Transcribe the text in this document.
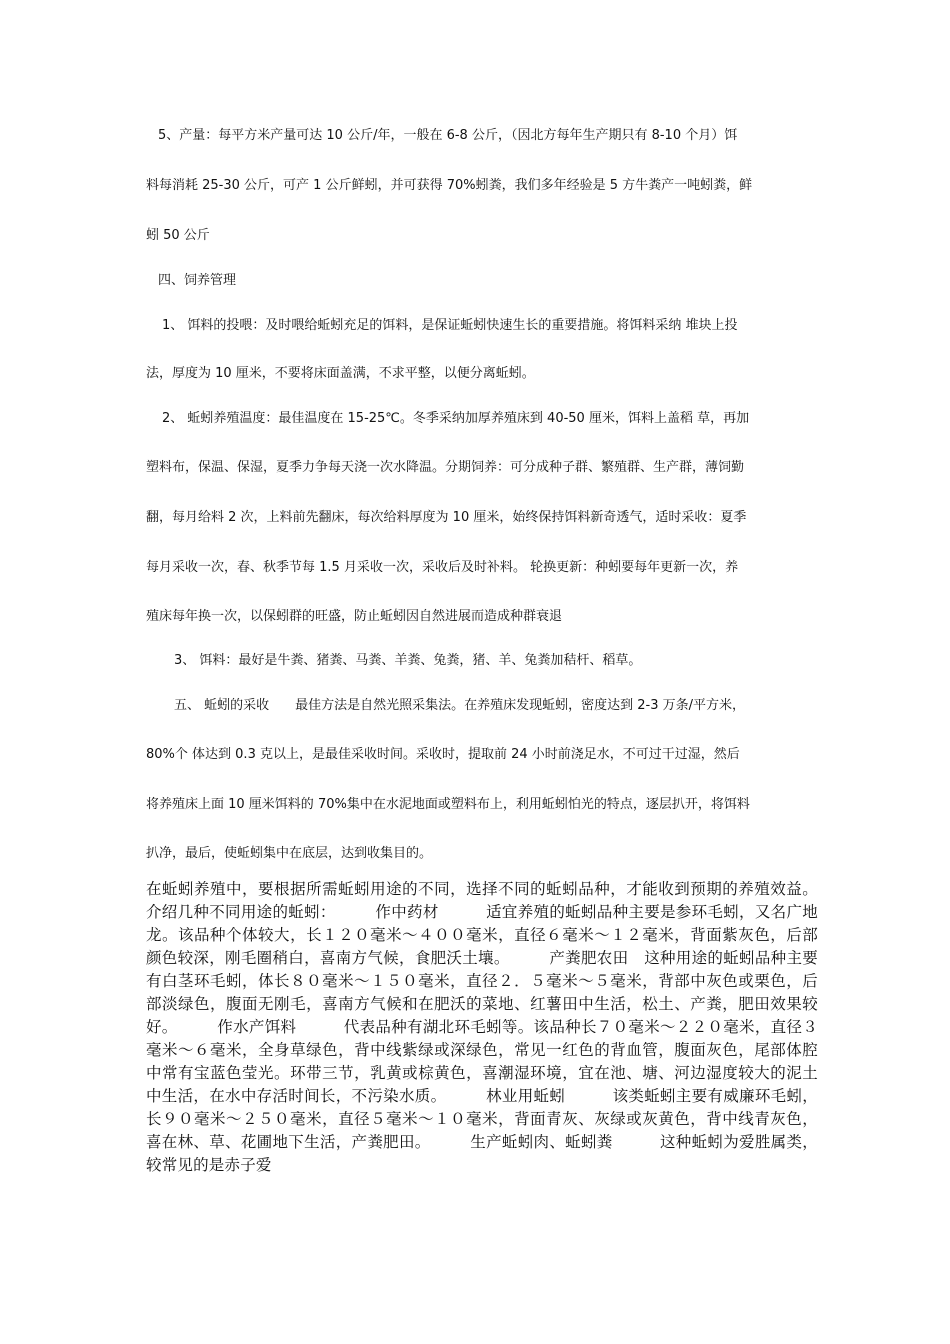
5、产量：每平方米产量可达 10 公斤/年，一般在 6-8 公斤，（因北方每年生产期只有 8-10 个月）饵
料每消耗 25-30 公斤，可产 1 公斤鲜蚓，并可获得 70%蚓粪，我们多年经验是 5 方牛粪产一吨蚓粪，鲜
蚓 50 公斤
四、饲养管理
1、 饵料的投喂：及时喂给蚯蚓充足的饵料，是保证蚯蚓快速生长的重要措施。将饵料采纳 堆块上投
法，厚度为 10 厘米，不要将床面盖满，不求平整，以便分离蚯蚓。
2、 蚯蚓养殖温度：最佳温度在 15-25℃。冬季采纳加厚养殖床到 40-50 厘米，饵料上盖稻 草，再加
塑料布，保温、保湿，夏季力争每天浇一次水降温。分期饲养：可分成种子群、繁殖群、生产群，薄饲勤
翻，每月给料 2 次，上料前先翻床，每次给料厚度为 10 厘米，始终保持饵料新奇透气，适时采收：夏季
每月采收一次，春、秋季节每 1.5 月采收一次，采收后及时补料。 轮换更新：种蚓要每年更新一次，养
殖床每年换一次，以保蚓群的旺盛，防止蚯蚓因自然进展而造成种群衰退
3、 饵料：最好是牛粪、猪粪、马粪、羊粪、兔粪，猪、羊、兔粪加秸杆、稻草。
五、 蚯蚓的采收　　最佳方法是自然光照采集法。在养殖床发现蚯蚓，密度达到 2-3 万条/平方米，
80%个 体达到 0.3 克以上，是最佳采收时间。采收时，提取前 24 小时前浇足水，不可过干过湿，然后
将养殖床上面 10 厘米饵料的 70%集中在水泥地面或塑料布上，利用蚯蚓怕光的特点，逐层扒开，将饵料
扒净，最后，使蚯蚓集中在底层，达到收集目的。
在蚯蚓养殖中，要根据所需蚯蚓用途的不同，选择不同的蚯蚓品种，才能收到预期的养殖效益。介绍几种不同用途的蚯蚓：　　　作中药材　　　适宜养殖的蚯蚓品种主要是参环毛蚓，又名广地龙。该品种个体较大，长１２０毫米～４００毫米，直径６毫米～１２毫米，背面紫灰色，后部颜色较深，刚毛圈稍白，喜南方气候，食肥沃土壤。　　　产粪肥农田　这种用途的蚯蚓品种主要有白茎环毛蚓，体长８０毫米～１５０毫米，直径２．５毫米～５毫米，背部中灰色或栗色，后部淡绿色，腹面无刚毛，喜南方气候和在肥沃的菜地、红薯田中生活，松土、产粪，肥田效果较好。　　　作水产饵料　　　代表品种有湖北环毛蚓等。该品种长７０毫米～２２０毫米，直径３毫米～６毫米，全身草绿色，背中线紫绿或深绿色，常见一红色的背血管，腹面灰色，尾部体腔中常有宝蓝色莹光。环带三节，乳黄或棕黄色，喜潮湿环境，宜在池、塘、河边湿度较大的泥土中生活，在水中存活时间长，不污染水质。　　　林业用蚯蚓　　　该类蚯蚓主要有威廉环毛蚓，长９０毫米～２５０毫米，直径５毫米～１０毫米，背面青灰、灰绿或灰黄色，背中线青灰色，喜在林、草、花圃地下生活，产粪肥田。　　　生产蚯蚓肉、蚯蚓粪　　　这种蚯蚓为爱胜属类，较常见的是赤子爱
